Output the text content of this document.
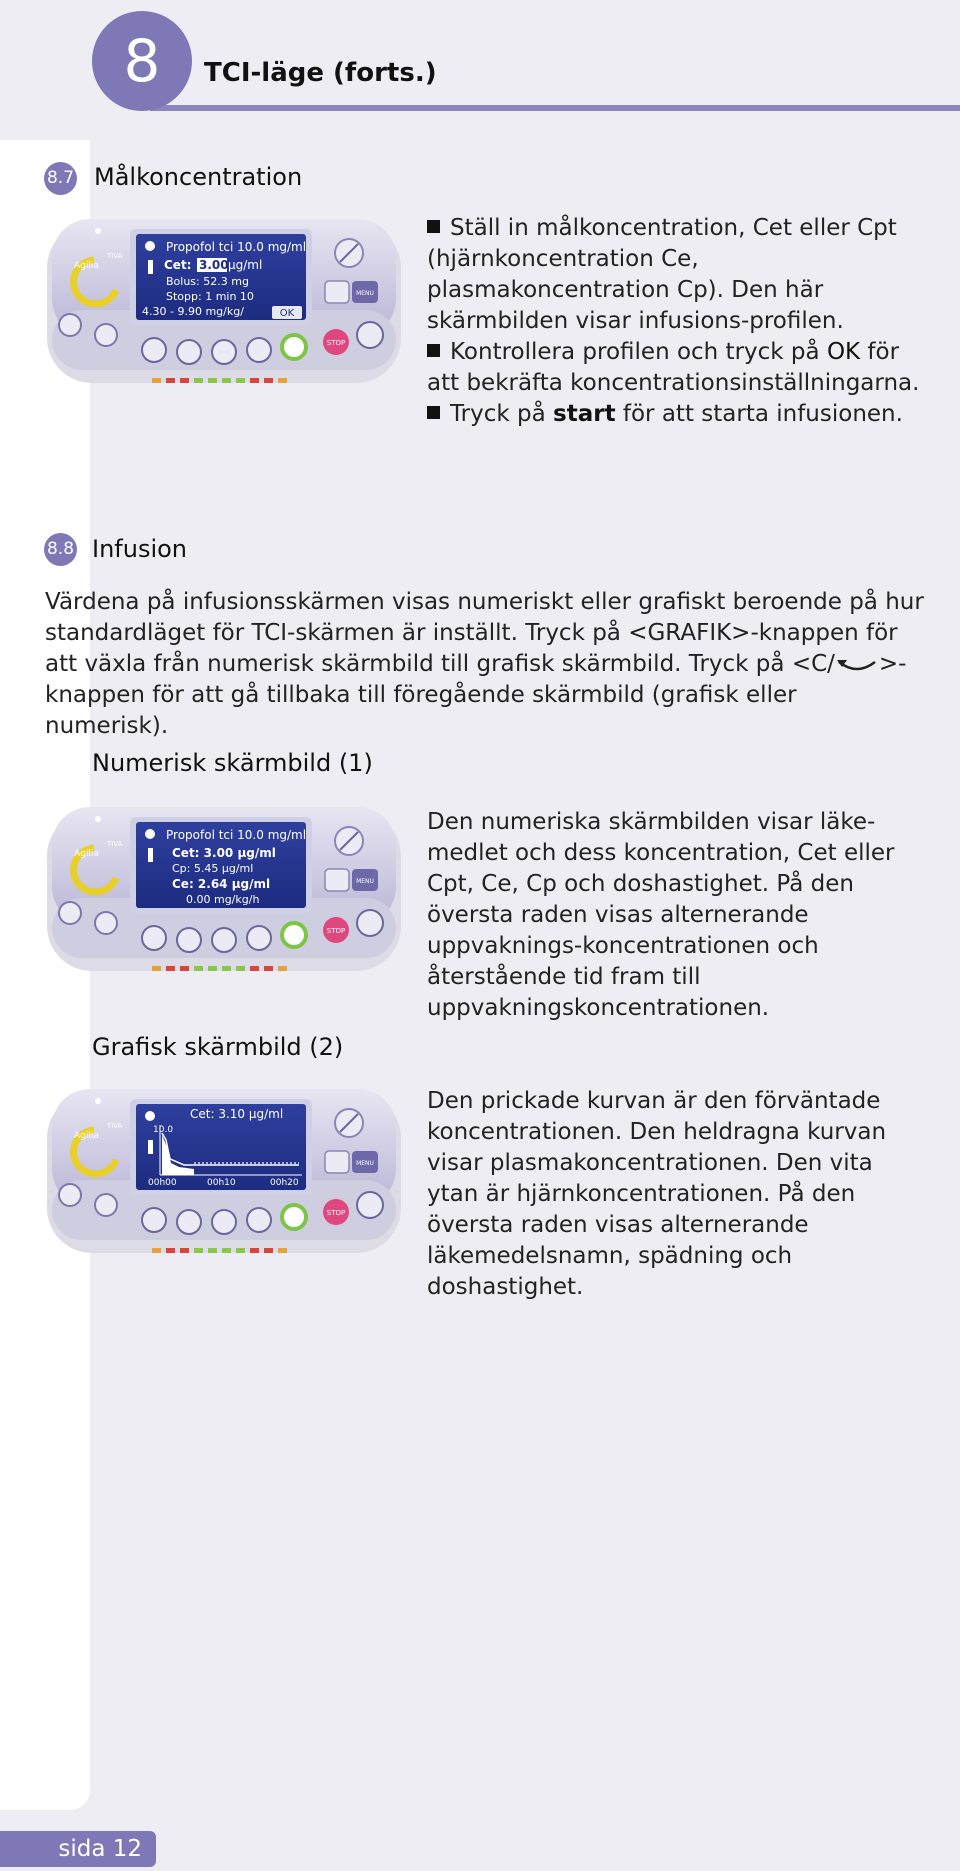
8	TCI-läge (forts.)
8.7 Målkoncentration
Agilia
TIVA
MENU
STOP
Propofol tci 10.0 mg/ml
Cet: 3.00 µg/ml
Bolus: 52.3 mg
Stopp: 1 min 10
4.30 - 9.90 mg/kg/	OK

Ställ in målkoncentration, Cet eller Cpt (hjärnkoncentration Ce, plasmakoncentration Cp). Den här skärmbilden visar infusions-profilen.

Kontrollera profilen och tryck på OK för att bekräfta koncentrationsinställningarna.

Tryck på start för att starta infusionen.

8.8 Infusion

Värdena på infusionsskärmen visas numeriskt eller grafiskt beroende på hur standardläget för TCI-skärmen är inställt. Tryck på <GRAFIK>-knappen för att växla från numerisk skärmbild till grafisk skärmbild. Tryck på <C/ >-knappen för att gå tillbaka till föregående skärmbild (grafisk eller numerisk).

Numerisk skärmbild (1)
Agilia
TIVA
MENU
STOP
Propofol tci 10.0 mg/ml
Cet: 3.00 µg/ml
Cp: 5.45 µg/ml
Ce: 2.64 µg/ml
0.00 mg/kg/h
Den numeriska skärmbilden visar läke-medlet och dess koncentration, Cet eller Cpt, Ce, Cp och doshastighet. På den översta raden visas alternerande uppvaknings-koncentrationen och återstående tid fram till uppvakningskoncentrationen.
Grafisk skärmbild (2)
Agilia
TIVA
MENU
STOP
Cet: 3.10 µg/ml
10.0
00h00	00h10	00h20
Den prickade kurvan är den förväntade koncentrationen. Den heldragna kurvan visar plasmakoncentrationen. Den vita ytan är hjärnkoncentrationen. På den översta raden visas alternerande läkemedelsnamn, spädning och doshastighet.
sida 12
